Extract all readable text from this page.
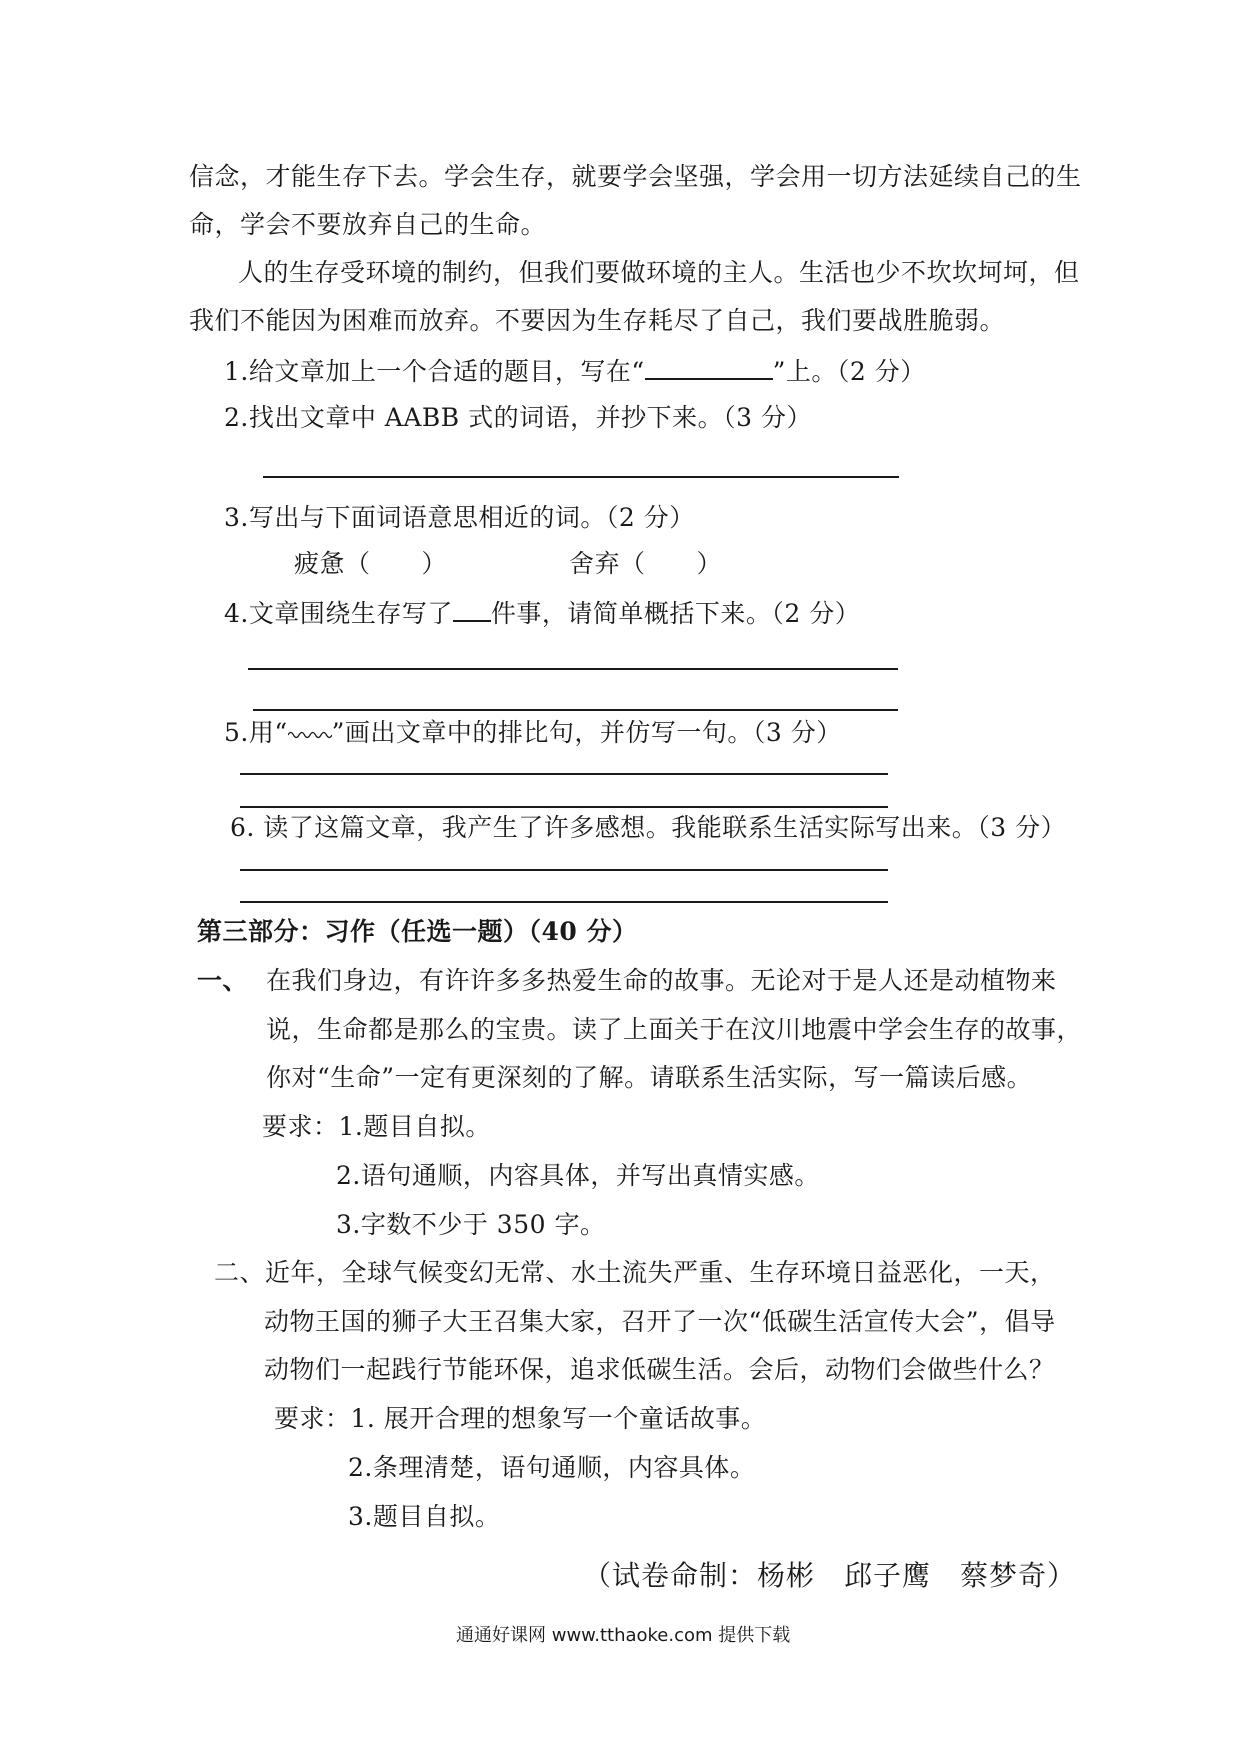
信念，才能生存下去。学会生存，就要学会坚强，学会用一切方法延续自己的生
命，学会不要放弃自己的生命。
人的生存受环境的制约，但我们要做环境的主人。生活也少不坎坎坷坷，但
我们不能因为困难而放弃。不要因为生存耗尽了自己，我们要战胜脆弱。
1.给文章加上一个合适的题目，写在“	”上。（2 分）
2.找出文章中 AABB 式的词语，并抄下来。（3 分）
3.写出与下面词语意思相近的词。（2 分）
疲惫（　　）	舍弃（　　）
4.文章围绕生存写了 件事，请简单概括下来。（2 分）
5.用“ ”画出文章中的排比句，并仿写一句。（3 分）
6. 读了这篇文章，我产生了许多感想。我能联系生活实际写出来。（3 分）
第三部分：习作（任选一题）（40 分）
一、 在我们身边，有许许多多热爱生命的故事。无论对于是人还是动植物来
说，生命都是那么的宝贵。读了上面关于在汶川地震中学会生存的故事，
你对“生命”一定有更深刻的了解。请联系生活实际，写一篇读后感。
要求：1.题目自拟。
2.语句通顺，内容具体，并写出真情实感。
3.字数不少于 350 字。
二、近年，全球气候变幻无常、水土流失严重、生存环境日益恶化，一天，
动物王国的狮子大王召集大家，召开了一次“低碳生活宣传大会”，倡导
动物们一起践行节能环保，追求低碳生活。会后，动物们会做些什么？
要求：1. 展开合理的想象写一个童话故事。
2.条理清楚，语句通顺，内容具体。
3.题目自拟。
（试卷命制：杨彬　邱子鹰　蔡梦奇）
通通好课网 www.tthaoke.com 提供下载
